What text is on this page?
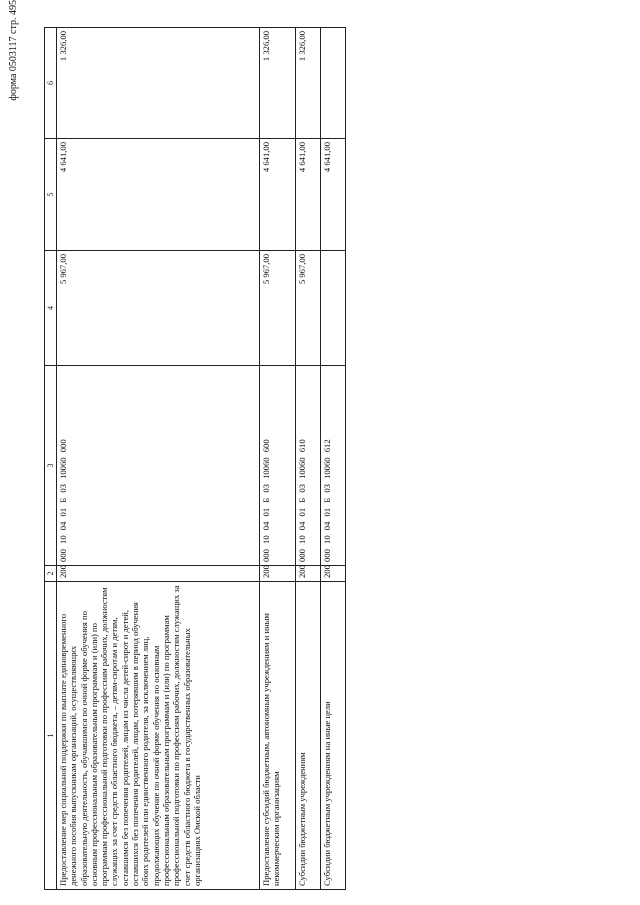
форма 0503117 стр. 495
1	2	3	4	5	6
Предоставление мер социальной поддержки по выплате единовременного денежного пособия выпускникам организаций, осуществляющих образовательную деятельность, обучавшимся по очной форме обучения по основным профессиональным образовательным программам и (или) по программам профессиональной подготовки по профессиям рабочих, должностям служащих за счет средств областного бюджета, – детям-сиротам и детям, оставшимся без попечения родителей, лицам из числа детей-сирот и детей, оставшихся без попечения родителей, лицам, потерявшим в период обучения обоих родителей или единственного родителя, за исключением лиц, продолжающих обучение по очной форме обучения по основным профессиональным образовательным программам и (или) по программам профессиональной подготовки по профессиям рабочих, должностям служащих за счет средств областного бюджета в государственных образовательных организациях Омской области	200	000 10 04 01 Б 03 10060 000	5 967,00	4 641,00	1 326,00
Предоставление субсидий бюджетным, автономным учреждениям и иным некоммерческим организациям	200	000 10 04 01 Б 03 10060 600	5 967,00	4 641,00	1 326,00
Субсидии бюджетным учреждениям	200	000 10 04 01 Б 03 10060 610	5 967,00	4 641,00	1 326,00
Субсидии бюджетным учреждениям на иные цели	200	000 10 04 01 Б 03 10060 612		4 641,00	
